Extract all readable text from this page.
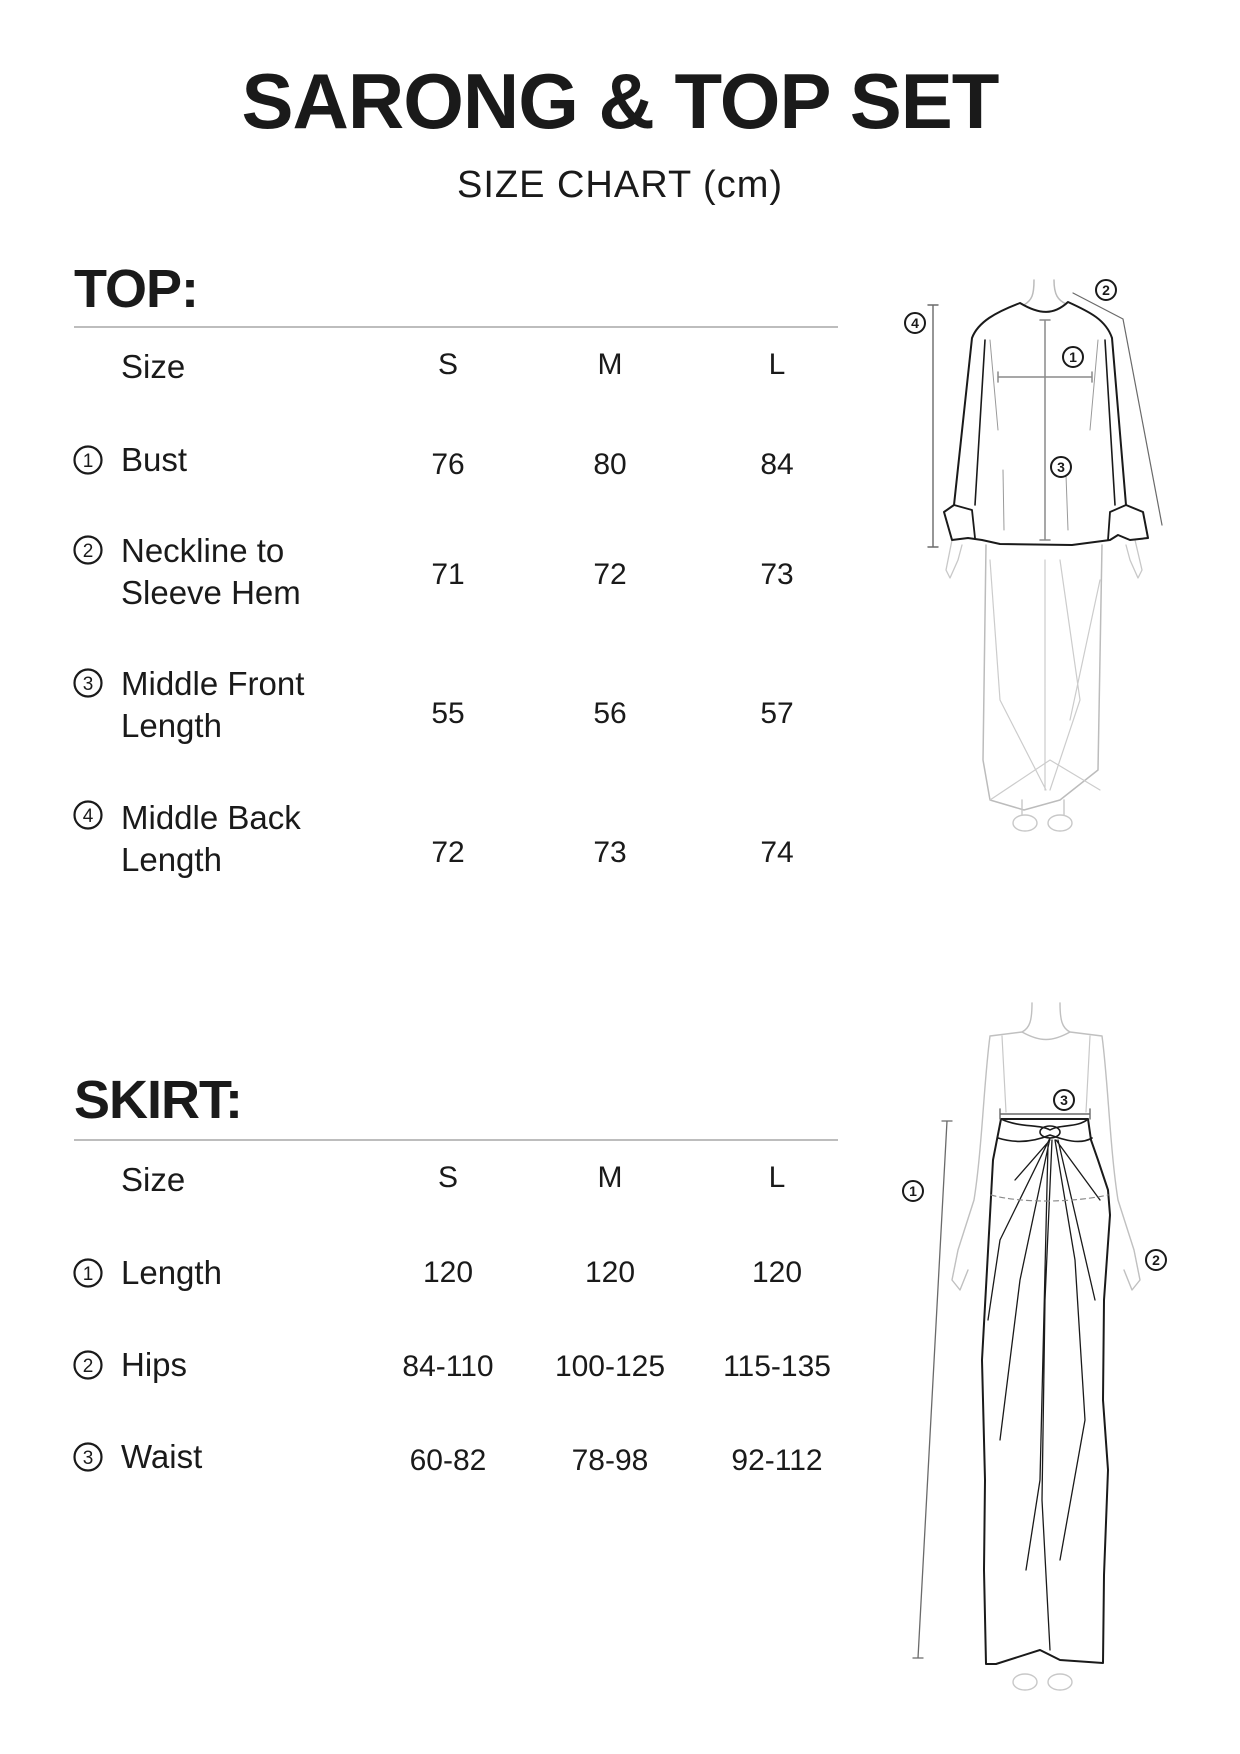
SARONG & TOP SET
SIZE CHART (cm)
TOP:
Size	S	M	L
1 Bust	76	80	84
2 Neckline to
Sleeve Hem	71	72	73
3 Middle Front
Length	55	56	57
4 Middle Back
Length	72	73	74
4
2
1
3
SKIRT:
Size	S	M	L
1 Length	120	120	120
2 Hips	84-110	100-125	115-135
3 Waist	60-82	78-98	92-112
1
2
3
